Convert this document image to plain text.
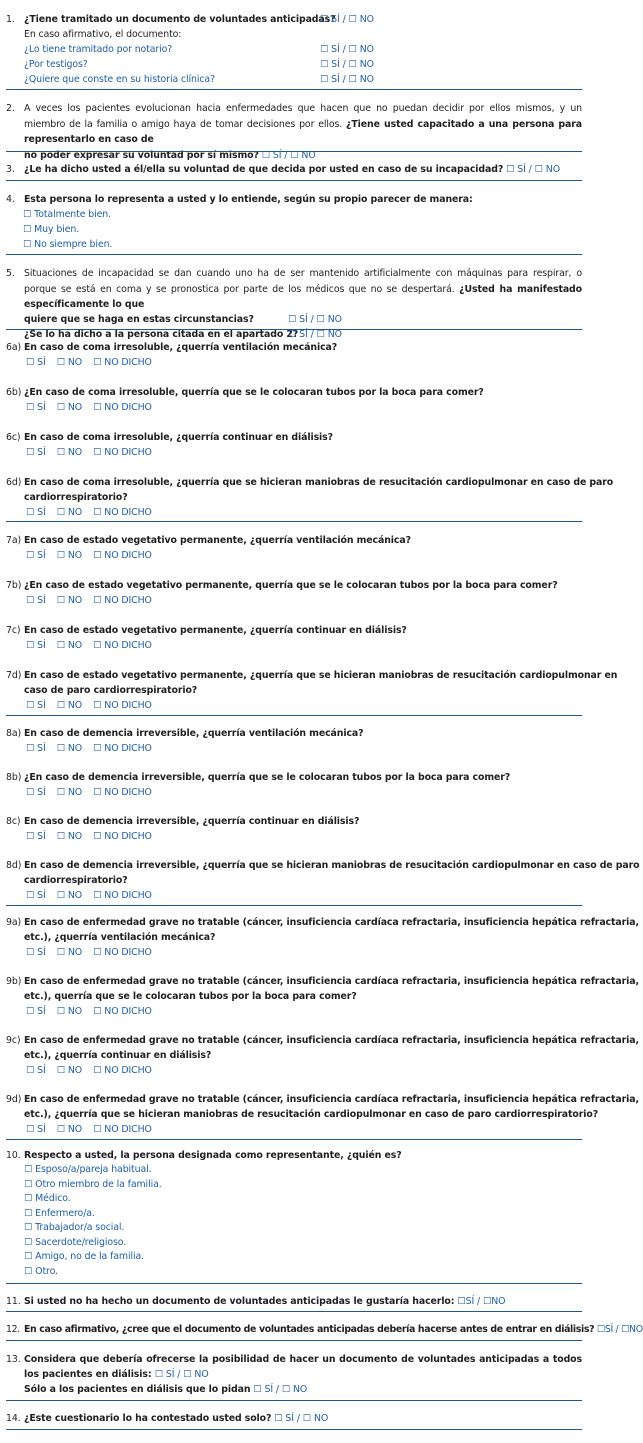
1. ¿Tiene tramitado un documento de voluntades anticipadas?
☐ SÍ / ☐ NO
En caso afirmativo, el documento:
¿Lo tiene tramitado por notario?	☐ SÍ / ☐ NO
¿Por testigos?	☐ SÍ / ☐ NO
¿Quiere que conste en su historia clínica?	☐ SÍ / ☐ NO
2. A veces los pacientes evolucionan hacia enfermedades que hacen que no puedan decidir por ellos mismos, y un miembro de la familia o amigo haya de tomar decisiones por ellos. ¿Tiene usted capacitado a una persona para representarlo en caso de
no poder expresar su voluntad por sí mismo? ☐ SÍ / ☐ NO
3. ¿Le ha dicho usted a él/ella su voluntad de que decida por usted en caso de su incapacidad? ☐ SÍ / ☐ NO
4. Esta persona lo representa a usted y lo entiende, según su propio parecer de manera:
☐ Totalmente bien.
☐ Muy bien.
☐ No siempre bien.
5. Situaciones de incapacidad se dan cuando uno ha de ser mantenido artificialmente con máquinas para respirar, o porque se está en coma y se pronostica por parte de los médicos que no se despertará. ¿Usted ha manifestado específicamente lo que
quiere que se haga en estas circunstancias?	☐ SÍ / ☐ NO
¿Se lo ha dicho a la persona citada en el apartado 2?
☐ SÍ / ☐ NO
6a) En caso de coma irresoluble, ¿querría ventilación mecánica?
☐ SÍ ☐ NO ☐ NO DICHO
6b) ¿En caso de coma irresoluble, querría que se le colocaran tubos por la boca para comer?
☐ SÍ ☐ NO ☐ NO DICHO
6c) En caso de coma irresoluble, ¿querría continuar en diálisis?
☐ SÍ ☐ NO ☐ NO DICHO
6d) En caso de coma irresoluble, ¿querría que se hicieran maniobras de resucitación cardiopulmonar en caso de paro
cardiorrespiratorio?
☐ SÍ ☐ NO ☐ NO DICHO
7a) En caso de estado vegetativo permanente, ¿querría ventilación mecánica?
☐ SÍ ☐ NO ☐ NO DICHO
7b) ¿En caso de estado vegetativo permanente, querría que se le colocaran tubos por la boca para comer?
☐ SÍ ☐ NO ☐ NO DICHO
7c) En caso de estado vegetativo permanente, ¿querría continuar en diálisis?
☐ SÍ ☐ NO ☐ NO DICHO
7d) En caso de estado vegetativo permanente, ¿querría que se hicieran maniobras de resucitación cardiopulmonar en
caso de paro cardiorrespiratorio?
☐ SÍ ☐ NO ☐ NO DICHO
8a) En caso de demencia irreversible, ¿querría ventilación mecánica?
☐ SÍ ☐ NO ☐ NO DICHO
8b) ¿En caso de demencia irreversible, querría que se le colocaran tubos por la boca para comer?
☐ SÍ ☐ NO ☐ NO DICHO
8c) En caso de demencia irreversible, ¿querría continuar en diálisis?
☐ SÍ ☐ NO ☐ NO DICHO
8d) En caso de demencia irreversible, ¿querría que se hicieran maniobras de resucitación cardiopulmonar en caso de paro
cardiorrespiratorio?
☐ SÍ ☐ NO ☐ NO DICHO
9a) En caso de enfermedad grave no tratable (cáncer, insuficiencia cardíaca refractaria, insuficiencia hepática refractaria,
etc.), ¿querría ventilación mecánica?
☐ SÍ ☐ NO ☐ NO DICHO
9b) En caso de enfermedad grave no tratable (cáncer, insuficiencia cardíaca refractaria, insuficiencia hepática refractaria,
etc.), querría que se le colocaran tubos por la boca para comer?
☐ SÍ ☐ NO ☐ NO DICHO
9c) En caso de enfermedad grave no tratable (cáncer, insuficiencia cardíaca refractaria, insuficiencia hepática refractaria,
etc.), ¿querría continuar en diálisis?
☐ SÍ ☐ NO ☐ NO DICHO
9d) En caso de enfermedad grave no tratable (cáncer, insuficiencia cardíaca refractaria, insuficiencia hepática refractaria,
etc.), ¿querría que se hicieran maniobras de resucitación cardiopulmonar en caso de paro cardiorrespiratorio?
☐ SÍ ☐ NO ☐ NO DICHO
10. Respecto a usted, la persona designada como representante, ¿quién es?
☐ Esposo/a/pareja habitual.
☐ Otro miembro de la familia.
☐ Médico.
☐ Enfermero/a.
☐ Trabajador/a social.
☐ Sacerdote/religioso.
☐ Amigo, no de la familia.
☐ Otro.
11. Si usted no ha hecho un documento de voluntades anticipadas le gustaría hacerlo: ☐SÍ / ☐NO
12. En caso afirmativo, ¿cree que el documento de voluntades anticipadas debería hacerse antes de entrar en diálisis? ☐SÍ / ☐NO
13. Considera que debería ofrecerse la posibilidad de hacer un documento de voluntades anticipadas a todos los pacientes en diálisis: ☐ SÍ / ☐ NO
Sólo a los pacientes en diálisis que lo pidan ☐ SÍ / ☐ NO
14. ¿Este cuestionario lo ha contestado usted solo? ☐ SÍ / ☐ NO
